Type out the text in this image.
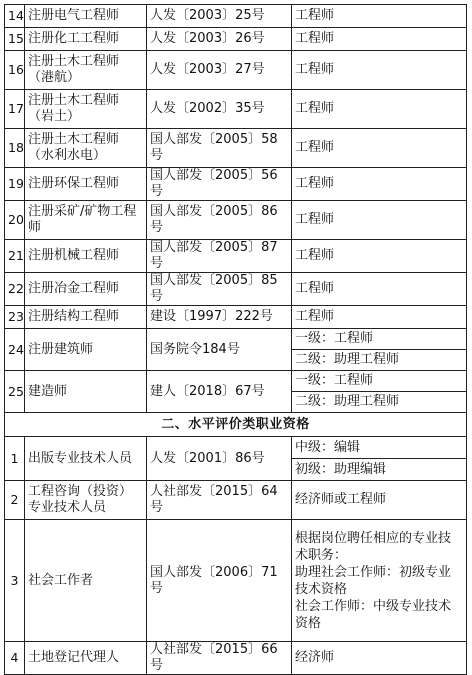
14	注册电气工程师	人发〔2003〕25号	工程师
15	注册化工工程师	人发〔2003〕26号	工程师
16	注册土木工程师（港航）	人发〔2003〕27号	工程师
17	注册土木工程师（岩土）	人发〔2002〕35号	工程师
18	注册土木工程师（水利水电）	国人部发〔2005〕58号	工程师
19	注册环保工程师	国人部发〔2005〕56号	工程师
20	注册采矿/矿物工程师	国人部发〔2005〕86号	工程师
21	注册机械工程师	国人部发〔2005〕87号	工程师
22	注册冶金工程师	国人部发〔2005〕85号	工程师
23	注册结构工程师	建设〔1997〕222号	工程师
24	注册建筑师	国务院令184号	一级：工程师
			二级：助理工程师
25	建造师	建人〔2018〕67号	一级：工程师
			二级：助理工程师
二、水平评价类职业资格			
1	出版专业技术人员	人发〔2001〕86号	中级：编辑
			初级：助理编辑
2	工程咨询（投资）专业技术人员	人社部发〔2015〕64号	经济师或工程师
3	社会工作者	国人部发〔2006〕71号	根据岗位聘任相应的专业技术职务：
助理社会工作师：初级专业技术资格
社会工作师：中级专业技术资格

4	土地登记代理人	人社部发〔2015〕66号	经济师
